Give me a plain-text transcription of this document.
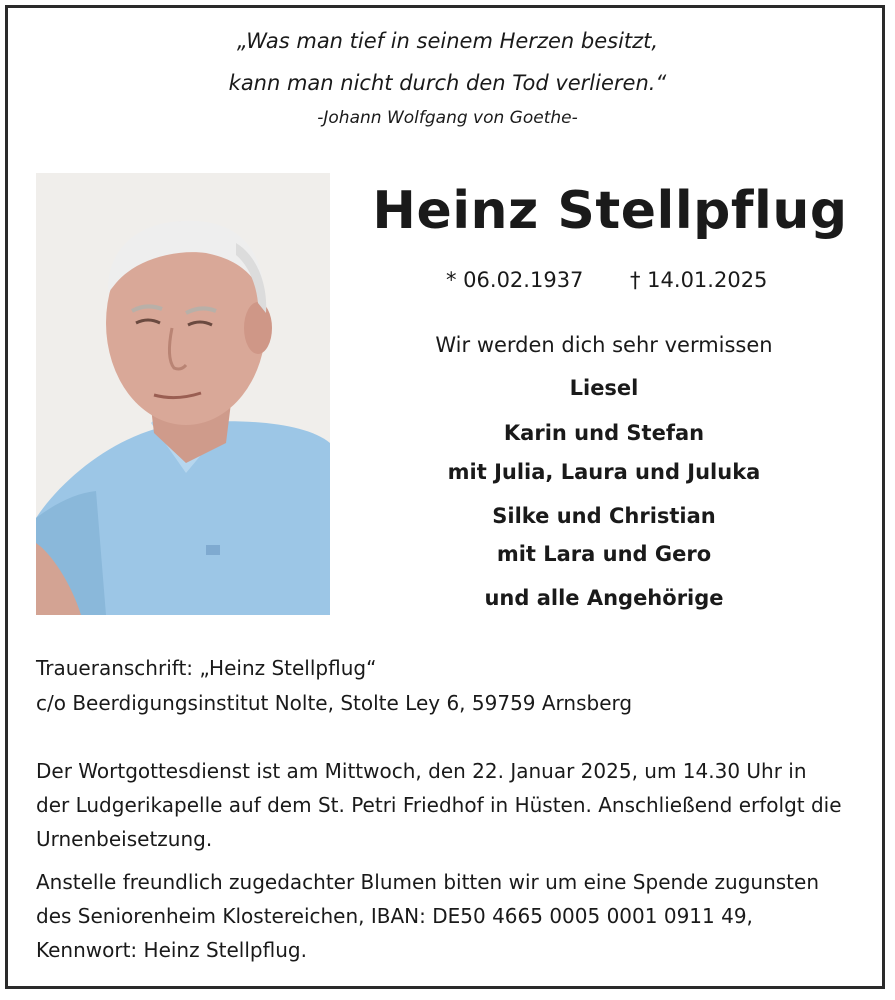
„Was man tief in seinem Herzen besitzt,
kann man nicht durch den Tod verlieren.“
-Johann Wolfgang von Goethe-
Heinz Stellpflug
* 06.02.1937 † 14.01.2025
Wir werden dich sehr vermissen
Liesel
Karin und Stefan
mit Julia, Laura und Juluka
Silke und Christian
mit Lara und Gero
und alle Angehörige
Traueranschrift: „Heinz Stellpflug“
c/o Beerdigungsinstitut Nolte, Stolte Ley 6, 59759 Arnsberg
Der Wortgottesdienst ist am Mittwoch, den 22. Januar 2025, um 14.30 Uhr in
der Ludgerikapelle auf dem St. Petri Friedhof in Hüsten. Anschließend erfolgt die
Urnenbeisetzung.
Anstelle freundlich zugedachter Blumen bitten wir um eine Spende zugunsten
des Seniorenheim Klostereichen, IBAN: DE50 4665 0005 0001 0911 49,
Kennwort: Heinz Stellpflug.
